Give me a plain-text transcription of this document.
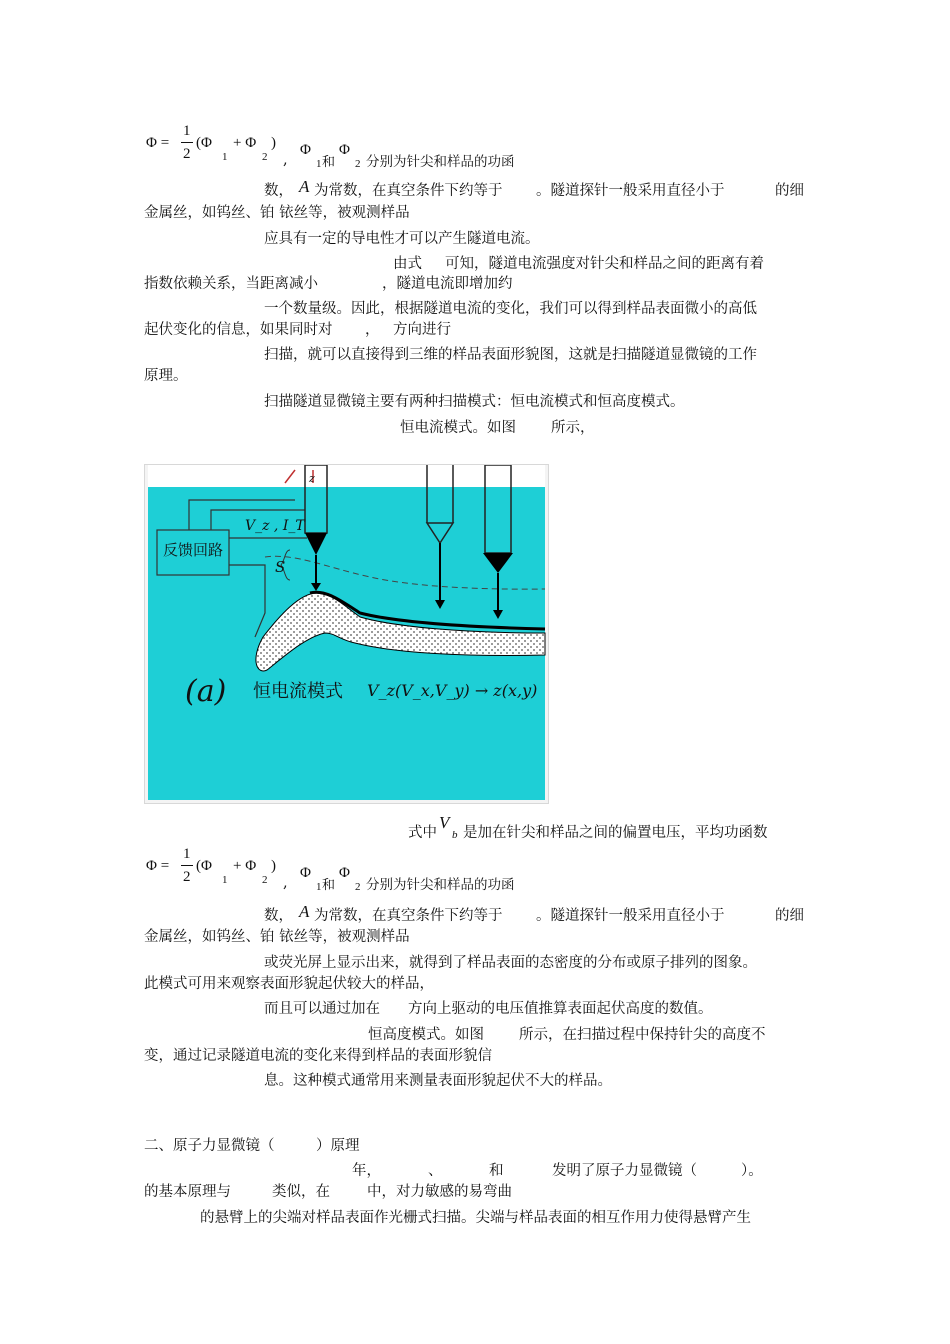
Φ =
1
2
(Φ
1
+ Φ
2
)
,
Φ
1 和
Φ
2 分别为针尖和样品的功函
数， A 为常数，在真空条件下约等于 。隧道探针一般采用直径小于	的细
金属丝，如钨丝、铂 铱丝等，被观测样品
应具有一定的导电性才可以产生隧道电流。
由式 可知，隧道电流强度对针尖和样品之间的距离有着
指数依赖关系，当距离减小	，隧道电流即增加约
一个数量级。因此，根据隧道电流的变化，我们可以得到样品表面微小的高低
起伏变化的信息，如果同时对 ， 方向进行
扫描，就可以直接得到三维的样品表面形貌图，这就是扫描隧道显微镜的工作
原理。
扫描隧道显微镜主要有两种扫描模式：恒电流模式和恒高度模式。
恒电流模式。如图 所示，
反馈回路
V_z , I_T
S
z
(a) 恒电流模式 V_z(V_x,V_y) → z(x,y)
式中
V
b 是加在针尖和样品之间的偏置电压，平均功函数
Φ =
1
2
(Φ
1
+ Φ
2
)
,
Φ
1 和
Φ
2 分别为针尖和样品的功函
数， A 为常数，在真空条件下约等于 。隧道探针一般采用直径小于	的细
金属丝，如钨丝、铂 铱丝等，被观测样品
或荧光屏上显示出来，就得到了样品表面的态密度的分布或原子排列的图象。
此模式可用来观察表面形貌起伏较大的样品，
而且可以通过加在 方向上驱动的电压值推算表面起伏高度的数值。
恒高度模式。如图 所示，在扫描过程中保持针尖的高度不
变，通过记录隧道电流的变化来得到样品的表面形貌信
息。这种模式通常用来测量表面形貌起伏不大的样品。
二、原子力显微镜（	）原理
年，	、	和	发明了原子力显微镜（	）。
的基本原理与	类似，在	中，对力敏感的易弯曲
的悬臂上的尖端对样品表面作光栅式扫描。尖端与样品表面的相互作用力使得悬臂产生
